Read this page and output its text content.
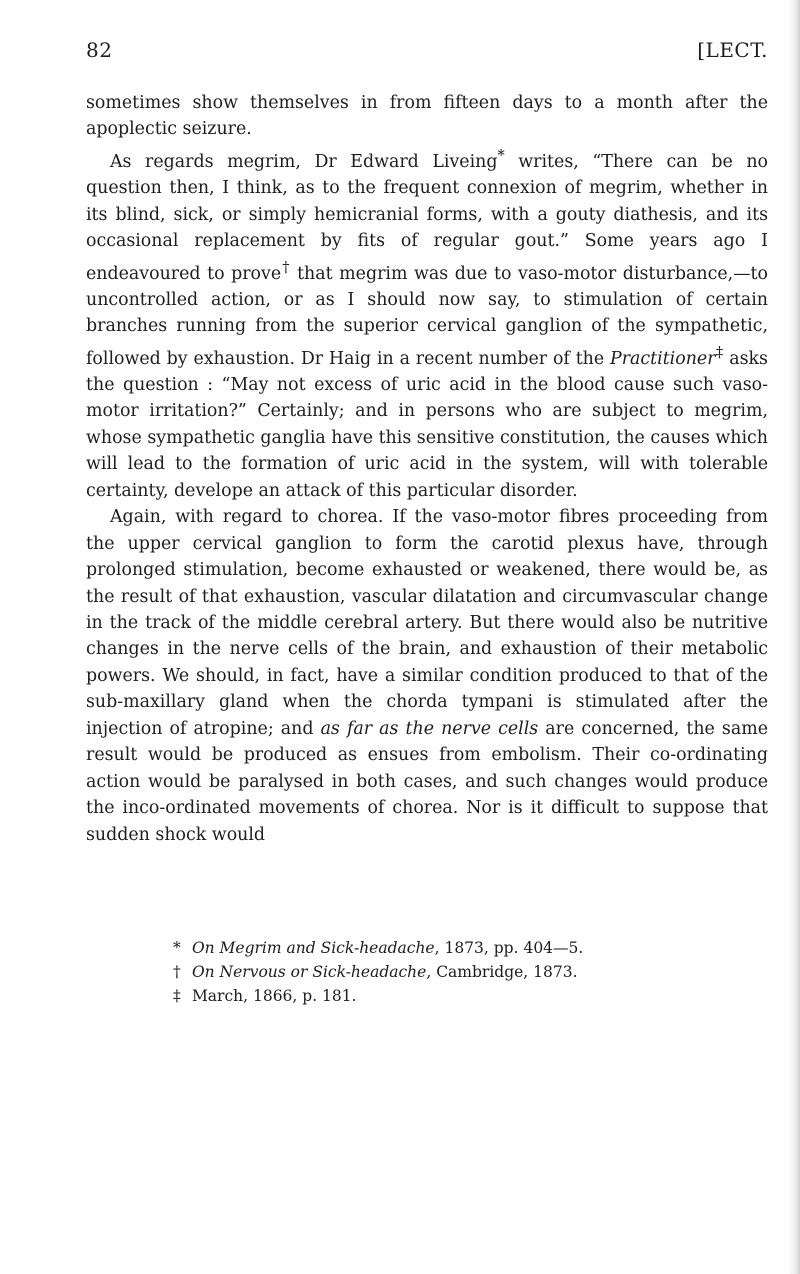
82	[LECT.

sometimes show themselves in from fifteen days to a month after the apoplectic seizure.

As regards megrim, Dr Edward Liveing* writes, “There can be no question then, I think, as to the frequent connexion of megrim, whether in its blind, sick, or simply hemicranial forms, with a gouty diathesis, and its occasional replacement by fits of regular gout.” Some years ago I endeavoured to prove† that megrim was due to vaso-motor disturbance,—to uncontrolled action, or as I should now say, to stimulation of certain branches running from the superior cervical ganglion of the sympathetic, followed by exhaustion. Dr Haig in a recent number of the Practitioner‡ asks the question : “May not excess of uric acid in the blood cause such vaso-motor irritation?” Certainly; and in persons who are subject to megrim, whose sympathetic ganglia have this sensitive constitution, the causes which will lead to the formation of uric acid in the system, will with tolerable certainty, develope an attack of this particular disorder.

Again, with regard to chorea. If the vaso-motor fibres proceeding from the upper cervical ganglion to form the carotid plexus have, through prolonged stimulation, become exhausted or weakened, there would be, as the result of that exhaustion, vascular dilatation and circumvascular change in the track of the middle cerebral artery. But there would also be nutritive changes in the nerve cells of the brain, and exhaustion of their metabolic powers. We should, in fact, have a similar condition produced to that of the sub-maxillary gland when the chorda tympani is stimulated after the injection of atropine; and as far as the nerve cells are concerned, the same result would be produced as ensues from embolism. Their co-ordinating action would be paralysed in both cases, and such changes would produce the inco-ordinated movements of chorea. Nor is it difficult to suppose that sudden shock would

* On Megrim and Sick-headache, 1873, pp. 404—5.

† On Nervous or Sick-headache, Cambridge, 1873.

‡ March, 1866, p. 181.
